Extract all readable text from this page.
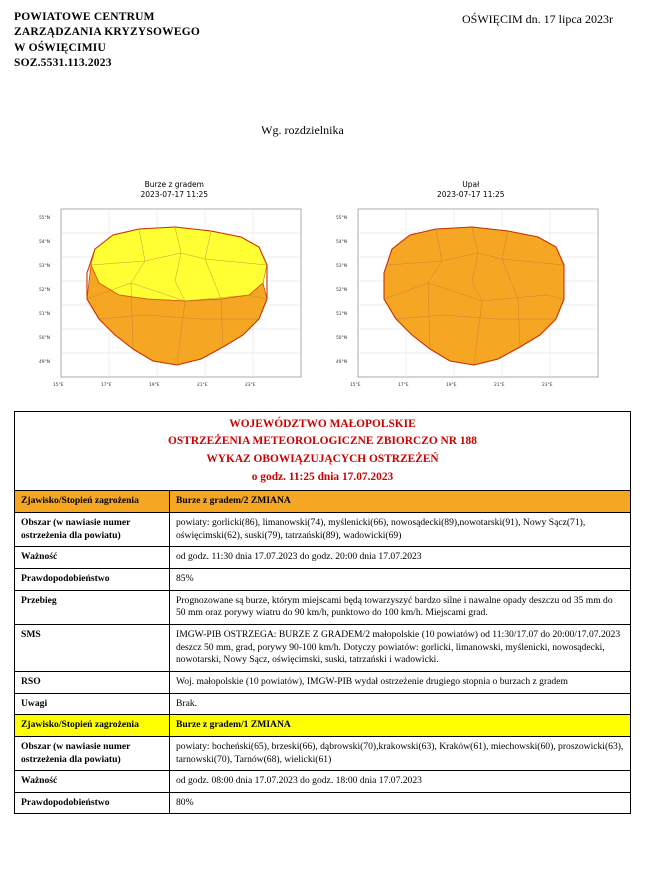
POWIATOWE CENTRUM
ZARZĄDZANIA KRYZYSOWEGO
W OŚWIĘCIMIU
SOZ.5531.113.2023
OŚWIĘCIM dn. 17 lipca 2023r
Wg. rozdzielnika
Burze z gradem
2023-07-17 11:25
55°N
54°N
53°N
52°N
51°N
50°N
49°N
15°E	17°E	19°E	21°E	23°E
Upał
2023-07-17 11:25
55°N
54°N
53°N
52°N
51°N
50°N
49°N
15°E	17°E	19°E	21°E	23°E
WOJEWÓDZTWO MAŁOPOLSKIE
OSTRZEŻENIA METEOROLOGICZNE ZBIORCZO NR 188
WYKAZ OBOWIĄZUJĄCYCH OSTRZEŻEŃ
o godz. 11:25 dnia 17.07.2023	

Zjawisko/Stopień zagrożenia	Burze z gradem/2 ZMIANA
Obszar (w nawiasie numer ostrzeżenia dla powiatu)	powiaty: gorlicki(86), limanowski(74), myślenicki(66), nowosądecki(89),nowotarski(91), Nowy Sącz(71), oświęcimski(62), suski(79), tatrzański(89), wadowicki(69)
Ważność	od godz. 11:30 dnia 17.07.2023 do godz. 20:00 dnia 17.07.2023
Prawdopodobieństwo	85%
Przebieg	Prognozowane są burze, którym miejscami będą towarzyszyć bardzo silne i nawalne opady deszczu od 35 mm do 50 mm oraz porywy wiatru do 90 km/h, punktowo do 100 km/h. Miejscami grad.
SMS	IMGW-PIB OSTRZEGA: BURZE Z GRADEM/2 małopolskie (10 powiatów) od 11:30/17.07 do 20:00/17.07.2023 deszcz 50 mm, grad, porywy 90-100 km/h. Dotyczy powiatów: gorlicki, limanowski, myślenicki, nowosądecki, nowotarski, Nowy Sącz, oświęcimski, suski, tatrzański i wadowicki.
RSO	Woj. małopolskie (10 powiatów), IMGW-PIB wydał ostrzeżenie drugiego stopnia o burzach z gradem
Uwagi	Brak.
Zjawisko/Stopień zagrożenia	Burze z gradem/1 ZMIANA
Obszar (w nawiasie numer ostrzeżenia dla powiatu)	powiaty: bocheński(65), brzeski(66), dąbrowski(70),krakowski(63), Kraków(61), miechowski(60), proszowicki(63), tarnowski(70), Tarnów(68), wielicki(61)
Ważność	od godz. 08:00 dnia 17.07.2023 do godz. 18:00 dnia 17.07.2023
Prawdopodobieństwo	80%
